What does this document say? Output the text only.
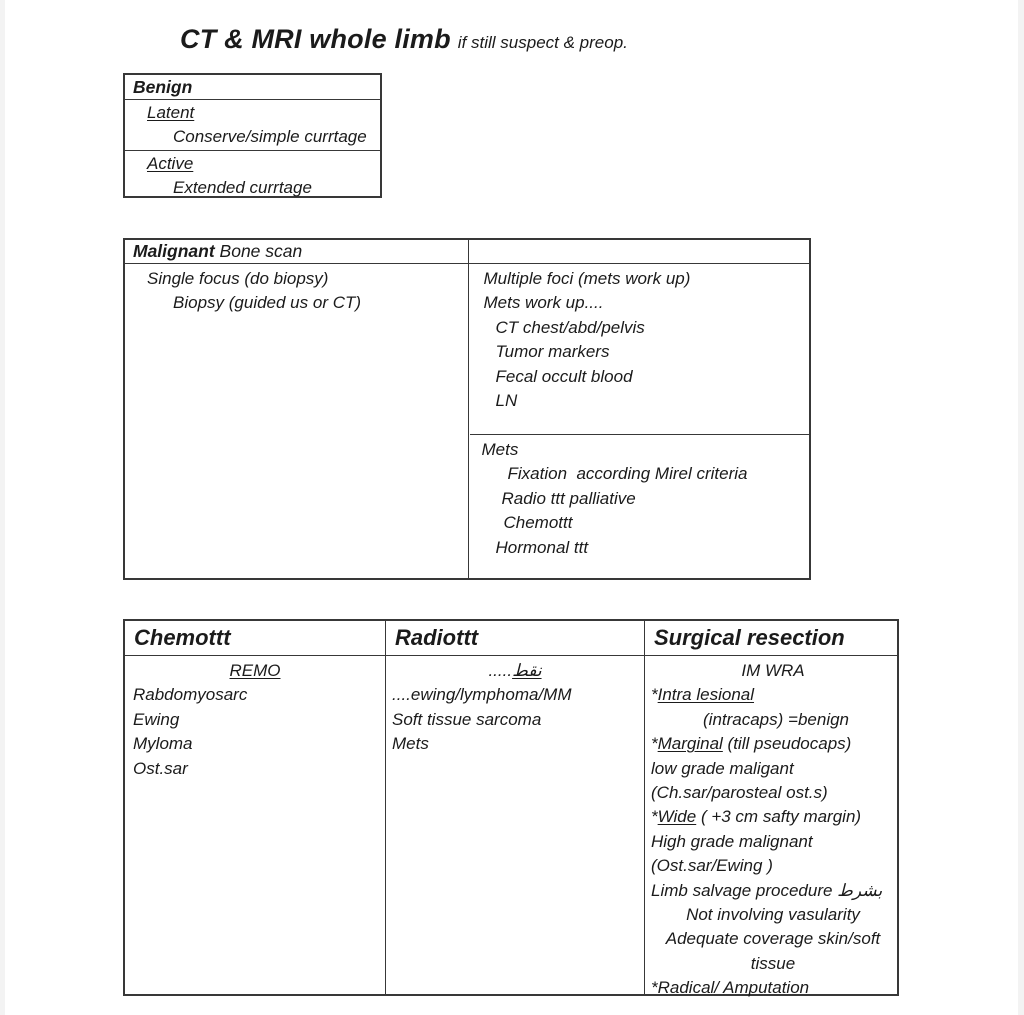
CT & MRI whole limb if still suspect & preop.
Benign
Latent
Conserve/simple currtage
Active
Extended currtage
Malignant Bone scan
Single focus (do biopsy)
Biopsy (guided us or CT)
Multiple foci (mets work up)
Mets work up....
CT chest/abd/pelvis
Tumor markers
Fecal occult blood
LN
Mets
Fixation  according Mirel criteria
Radio ttt palliative
Chemottt
Hormonal ttt
Chemottt	Radiottt	Surgical resection
REMO
Rabdomyosarc
Ewing
Myloma
Ost.sar
.....نقط
....ewing/lymphoma/MM
Soft tissue sarcoma
Mets
IM WRA
*Intra lesional
(intracaps) =benign
*Marginal (till pseudocaps)
low grade maligant
(Ch.sar/parosteal ost.s)
*Wide ( +3 cm safty margin)
High grade malignant
(Ost.sar/Ewing )
Limb salvage procedure بشرط
Not involving vasularity
Adequate coverage skin/soft
tissue
*Radical/ Amputation
